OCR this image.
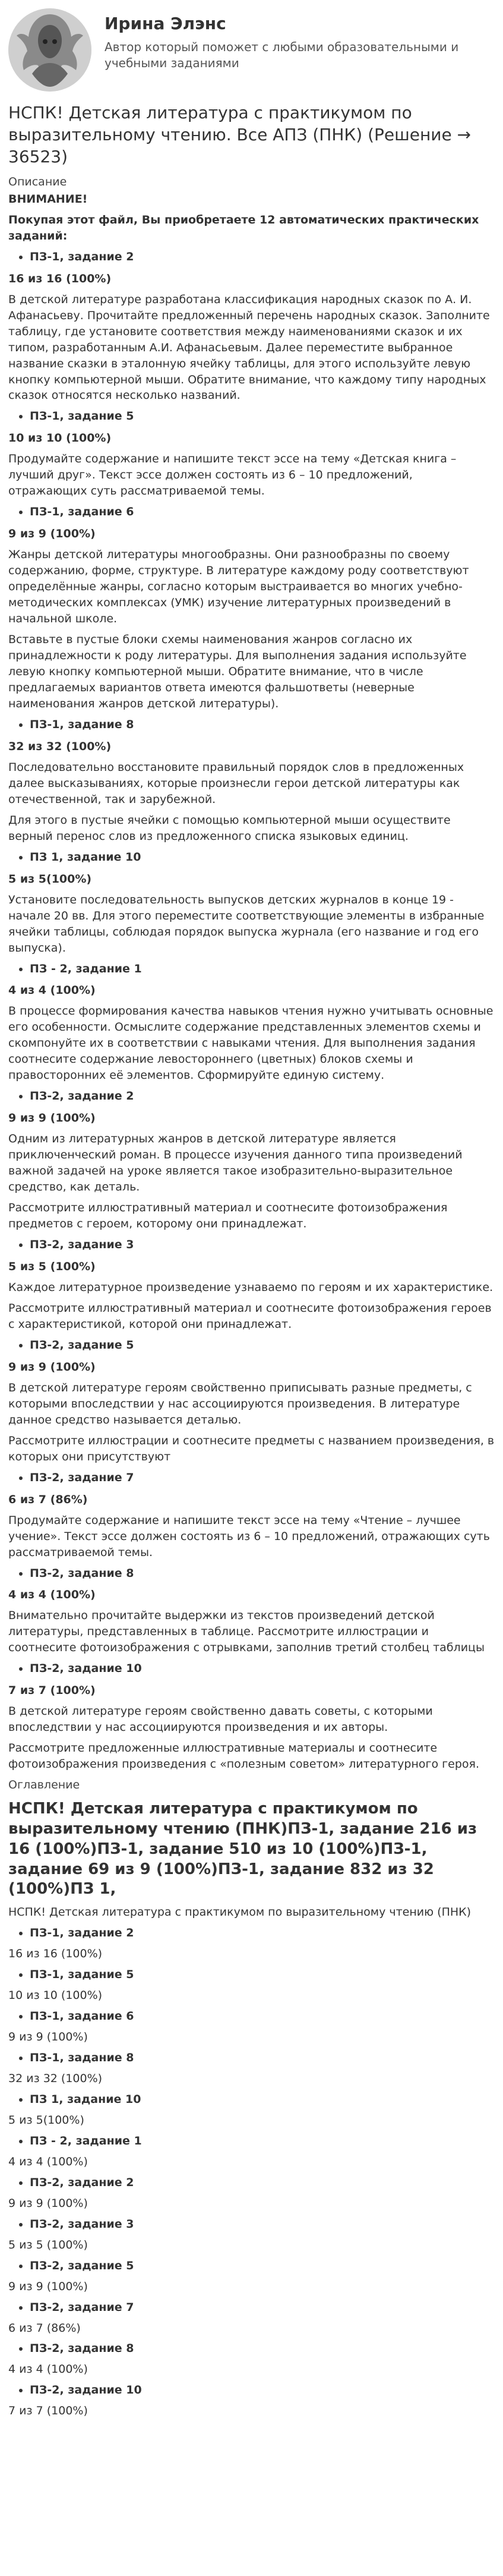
Ирина Элэнс
Автор который поможет с любыми образовательными и учебными заданиями
НСПК! Детская литература с практикумом по выразительному чтению. Все АПЗ (ПНК) (Решение → 36523)
Описание
ВНИМАНИЕ!

Покупая этот файл, Вы приобретаете 12 автоматических практических заданий:

• ПЗ-1, задание 2
16 из 16 (100%)

В детской литературе разработана классификация народных сказок по А. И. Афанасьеву. Прочитайте предложенный перечень народных сказок. Заполните таблицу, где установите соответствия между наименованиями сказок и их типом, разработанным А.И. Афанасьевым. Далее переместите выбранное название сказки в эталонную ячейку таблицы, для этого используйте левую кнопку компьютерной мыши. Обратите внимание, что каждому типу народных сказок относятся несколько названий.

• ПЗ-1, задание 5
10 из 10 (100%)

Продумайте содержание и напишите текст эссе на тему «Детская книга – лучший друг». Текст эссе должен состоять из 6 – 10 предложений, отражающих суть рассматриваемой темы.

• ПЗ-1, задание 6
9 из 9 (100%)

Жанры детской литературы многообразны. Они разнообразны по своему содержанию, форме, структуре. В литературе каждому роду соответствуют определённые жанры, согласно которым выстраивается во многих учебно-методических комплексах (УМК) изучение литературных произведений в начальной школе.

Вставьте в пустые блоки схемы наименования жанров согласно их принадлежности к роду литературы. Для выполнения задания используйте левую кнопку компьютерной мыши. Обратите внимание, что в числе предлагаемых вариантов ответа имеются фальшответы (неверные наименования жанров детской литературы).

• ПЗ-1, задание 8
32 из 32 (100%)

Последовательно восстановите правильный порядок слов в предложенных далее высказываниях, которые произнесли герои детской литературы как отечественной, так и зарубежной.

Для этого в пустые ячейки с помощью компьютерной мыши осуществите верный перенос слов из предложенного списка языковых единиц.

• ПЗ 1, задание 10
5 из 5(100%)

Установите последовательность выпусков детских журналов в конце 19 - начале 20 вв. Для этого переместите соответствующие элементы в избранные ячейки таблицы, соблюдая порядок выпуска журнала (его название и год его выпуска).

• ПЗ - 2, задание 1
4 из 4 (100%)

В процессе формирования качества навыков чтения нужно учитывать основные его особенности. Осмыслите содержание представленных элементов схемы и скомпонуйте их в соответствии с навыками чтения. Для выполнения задания соотнесите содержание левостороннего (цветных) блоков схемы и правосторонних её элементов. Сформируйте единую систему.

• ПЗ-2, задание 2
9 из 9 (100%)

Одним из литературных жанров в детской литературе является приключенческий роман. В процессе изучения данного типа произведений важной задачей на уроке является такое изобразительно-выразительное средство, как деталь.

Рассмотрите иллюстративный материал и соотнесите фотоизображения предметов с героем, которому они принадлежат.

• ПЗ-2, задание 3
5 из 5 (100%)

Каждое литературное произведение узнаваемо по героям и их характеристике.

Рассмотрите иллюстративный материал и соотнесите фотоизображения героев с характеристикой, которой они принадлежат.

• ПЗ-2, задание 5
9 из 9 (100%)

В детской литературе героям свойственно приписывать разные предметы, с которыми впоследствии у нас ассоциируются произведения. В литературе данное средство называется деталью.

Рассмотрите иллюстрации и соотнесите предметы с названием произведения, в которых они присутствуют

• ПЗ-2, задание 7
6 из 7 (86%)

Продумайте содержание и напишите текст эссе на тему «Чтение – лучшее учение». Текст эссе должен состоять из 6 – 10 предложений, отражающих суть рассматриваемой темы.

• ПЗ-2, задание 8
4 из 4 (100%)

Внимательно прочитайте выдержки из текстов произведений детской литературы, представленных в таблице. Рассмотрите иллюстрации и соотнесите фотоизображения с отрывками, заполнив третий столбец таблицы

• ПЗ-2, задание 10
7 из 7 (100%)

В детской литературе героям свойственно давать советы, с которыми впоследствии у нас ассоциируются произведения и их авторы.

Рассмотрите предложенные иллюстративные материалы и соотнесите фотоизображения произведения с «полезным советом» литературного героя.

Оглавление
НСПК! Детская литература с практикумом по выразительному чтению (ПНК)ПЗ-1, задание 216 из 16 (100%)ПЗ-1, задание 510 из 10 (100%)ПЗ-1, задание 69 из 9 (100%)ПЗ-1, задание 832 из 32 (100%)ПЗ 1,
НСПК! Детская литература с практикумом по выразительному чтению (ПНК)
• ПЗ-1, задание 2
16 из 16 (100%)
• ПЗ-1, задание 5
10 из 10 (100%)
• ПЗ-1, задание 6
9 из 9 (100%)
• ПЗ-1, задание 8
32 из 32 (100%)
• ПЗ 1, задание 10
5 из 5(100%)
• ПЗ - 2, задание 1
4 из 4 (100%)
• ПЗ-2, задание 2
9 из 9 (100%)
• ПЗ-2, задание 3
5 из 5 (100%)
• ПЗ-2, задание 5
9 из 9 (100%)
• ПЗ-2, задание 7
6 из 7 (86%)
• ПЗ-2, задание 8
4 из 4 (100%)
• ПЗ-2, задание 10
7 из 7 (100%)
